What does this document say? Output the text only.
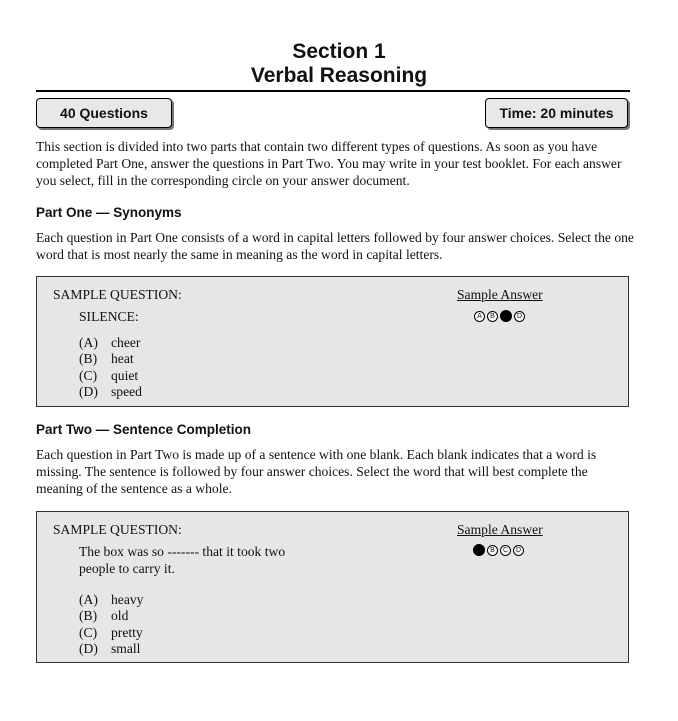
Section 1
Verbal Reasoning
40 Questions	Time: 20 minutes

This section is divided into two parts that contain two different types of questions. As soon as you have completed Part One, answer the questions in Part Two. You may write in your test booklet. For each answer you select, fill in the corresponding circle on your answer document.

Part One — Synonyms

Each question in Part One consists of a word in capital letters followed by four answer choices. Select the one word that is most nearly the same in meaning as the word in capital letters.

SAMPLE QUESTION:	Sample Answer
SILENCE:	A	B	D
(A) cheer
(B) heat
(C) quiet
(D) speed
Part Two — Sentence Completion

Each question in Part Two is made up of a sentence with one blank. Each blank indicates that a word is missing. The sentence is followed by four answer choices. Select the word that will best complete the meaning of the sentence as a whole.

SAMPLE QUESTION:	Sample Answer
The box was so ------- that it took two people to carry it.
B	C	D
(A) heavy
(B) old
(C) pretty
(D) small
